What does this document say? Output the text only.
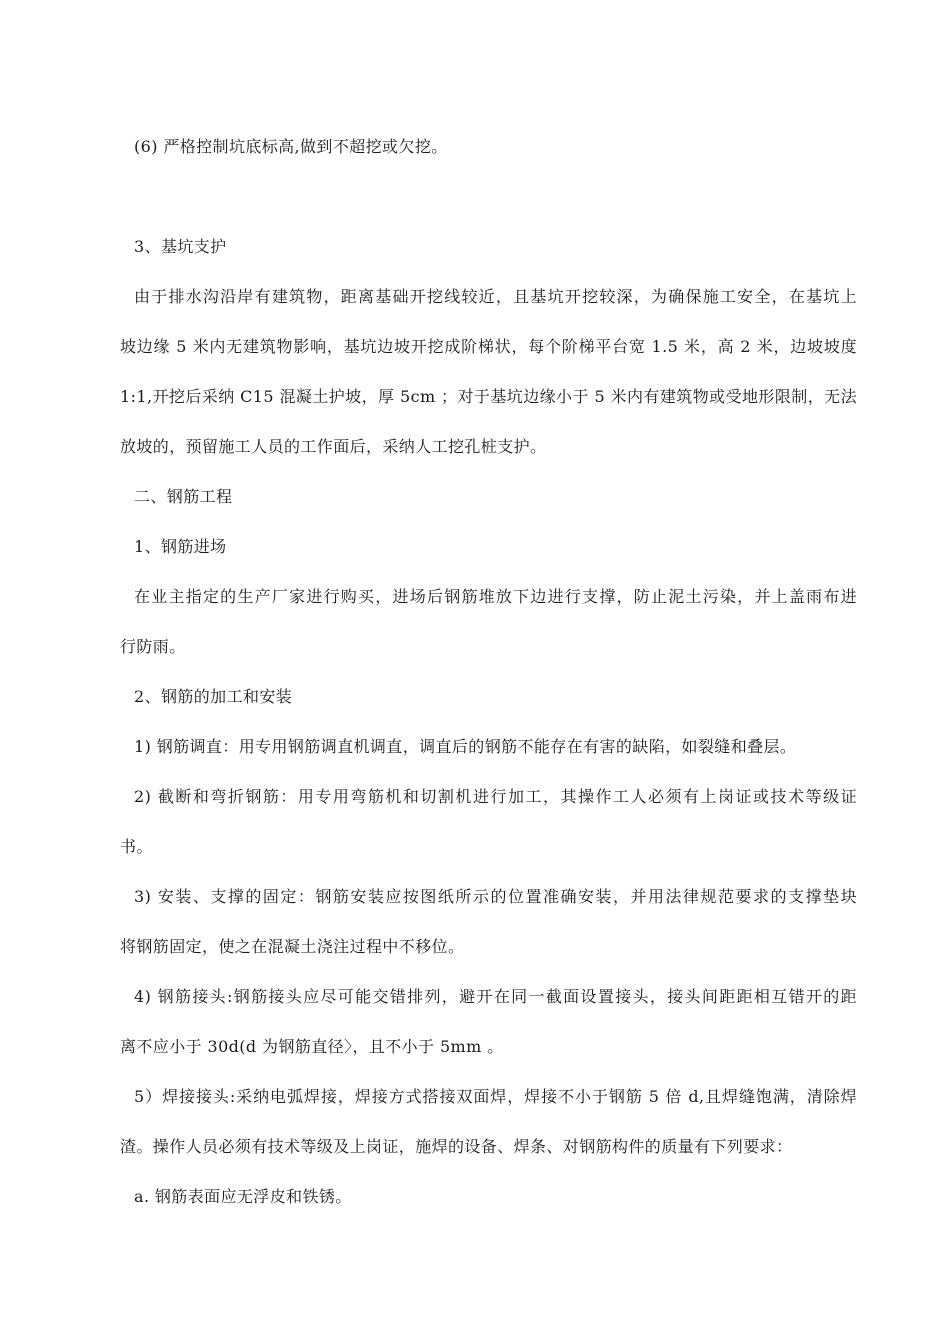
(6) 严格控制坑底标高,做到不超挖或欠挖。
3、基坑支护
由于排水沟沿岸有建筑物，距离基础开挖线较近，且基坑开挖较深，为确保施工安全，在基坑上
坡边缘 5 米内无建筑物影响，基坑边坡开挖成阶梯状，每个阶梯平台宽 1.5 米，高 2 米，边坡坡度
1:1,开挖后采纳 C15 混凝土护坡，厚 5cm ；对于基坑边缘小于 5 米内有建筑物或受地形限制，无法
放坡的，预留施工人员的工作面后，采纳人工挖孔桩支护。
二、钢筋工程
1、钢筋进场
在业主指定的生产厂家进行购买，进场后钢筋堆放下边进行支撑，防止泥土污染，并上盖雨布进
行防雨。
2、钢筋的加工和安装
1) 钢筋调直：用专用钢筋调直机调直，调直后的钢筋不能存在有害的缺陷，如裂缝和叠层。
2) 截断和弯折钢筋：用专用弯筋机和切割机进行加工，其操作工人必须有上岗证或技术等级证
书。
3) 安装、支撑的固定：钢筋安装应按图纸所示的位置准确安装，并用法律规范要求的支撑垫块
将钢筋固定，使之在混凝土浇注过程中不移位。
4) 钢筋接头:钢筋接头应尽可能交错排列，避开在同一截面设置接头，接头间距距相互错开的距
离不应小于 30d(d 为钢筋直径〉，且不小于 5mm 。
5）焊接接头:采纳电弧焊接，焊接方式搭接双面焊，焊接不小于钢筋 5 倍 d,且焊缝饱满，清除焊
渣。操作人员必须有技术等级及上岗证，施焊的设备、焊条、对钢筋构件的质量有下列要求：
a. 钢筋表面应无浮皮和铁锈。
